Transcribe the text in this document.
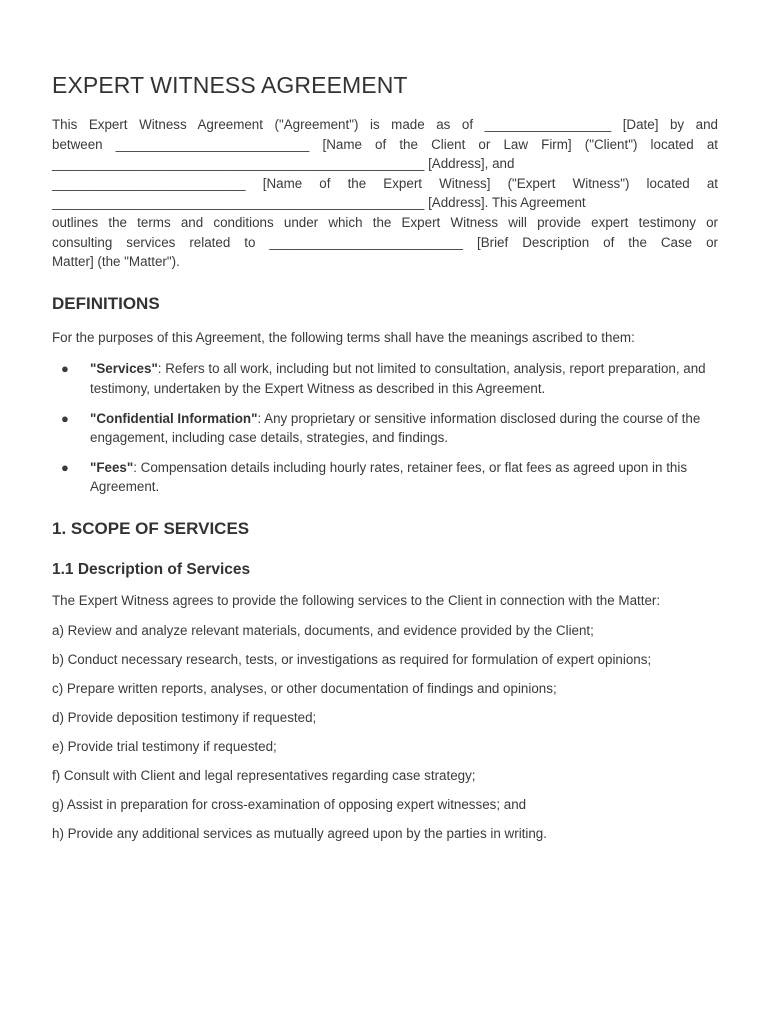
EXPERT WITNESS AGREEMENT

This Expert Witness Agreement ("Agreement") is made as of _________________ [Date] by and
between __________________________ [Name of the Client or Law Firm] ("Client") located at
__________________________________________________ [Address], and
__________________________ [Name of the Expert Witness] ("Expert Witness") located at
__________________________________________________ [Address]. This Agreement
outlines the terms and conditions under which the Expert Witness will provide expert testimony or
consulting services related to __________________________ [Brief Description of the Case or
Matter] (the "Matter").

DEFINITIONS

For the purposes of this Agreement, the following terms shall have the meanings ascribed to them:

● "Services": Refers to all work, including but not limited to consultation, analysis, report preparation, and testimony, undertaken by the Expert Witness as described in this Agreement.
● "Confidential Information": Any proprietary or sensitive information disclosed during the course of the engagement, including case details, strategies, and findings.
● "Fees": Compensation details including hourly rates, retainer fees, or flat fees as agreed upon in this Agreement.
1. SCOPE OF SERVICES
1.1 Description of Services

The Expert Witness agrees to provide the following services to the Client in connection with the Matter:

a) Review and analyze relevant materials, documents, and evidence provided by the Client;

b) Conduct necessary research, tests, or investigations as required for formulation of expert opinions;

c) Prepare written reports, analyses, or other documentation of findings and opinions;

d) Provide deposition testimony if requested;

e) Provide trial testimony if requested;

f) Consult with Client and legal representatives regarding case strategy;

g) Assist in preparation for cross-examination of opposing expert witnesses; and

h) Provide any additional services as mutually agreed upon by the parties in writing.
